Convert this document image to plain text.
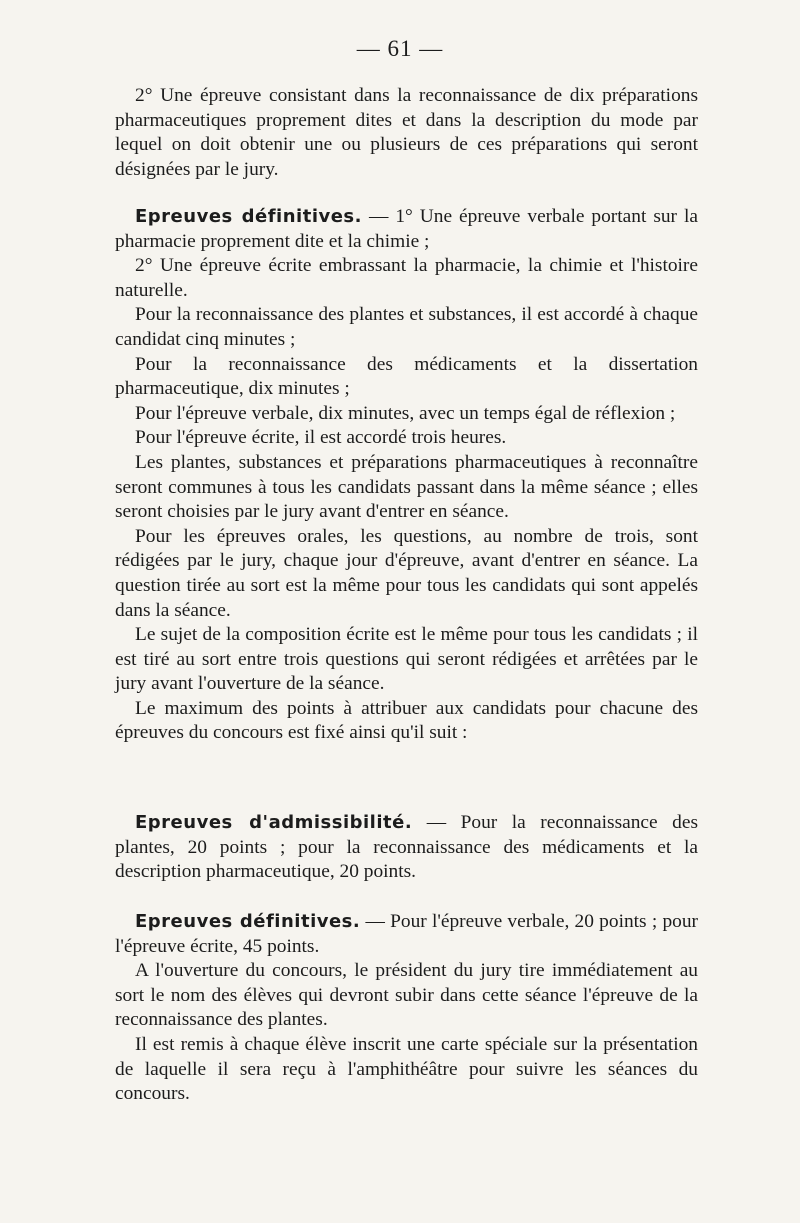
— 61 —

2° Une épreuve consistant dans la reconnaissance de dix préparations pharmaceutiques proprement dites et dans la description du mode par lequel on doit obtenir une ou plusieurs de ces préparations qui seront désignées par le jury.

Epreuves définitives. — 1° Une épreuve verbale portant sur la pharmacie proprement dite et la chimie ;

2° Une épreuve écrite embrassant la pharmacie, la chimie et l'histoire naturelle.

Pour la reconnaissance des plantes et substances, il est accordé à chaque candidat cinq minutes ;

Pour la reconnaissance des médicaments et la dissertation pharmaceutique, dix minutes ;

Pour l'épreuve verbale, dix minutes, avec un temps égal de réflexion ;

Pour l'épreuve écrite, il est accordé trois heures.

Les plantes, substances et préparations pharmaceutiques à reconnaître seront communes à tous les candidats passant dans la même séance ; elles seront choisies par le jury avant d'entrer en séance.

Pour les épreuves orales, les questions, au nombre de trois, sont rédigées par le jury, chaque jour d'épreuve, avant d'entrer en séance. La question tirée au sort est la même pour tous les candidats qui sont appelés dans la séance.

Le sujet de la composition écrite est le même pour tous les candidats ; il est tiré au sort entre trois questions qui seront rédigées et arrêtées par le jury avant l'ouverture de la séance.

Le maximum des points à attribuer aux candidats pour chacune des épreuves du concours est fixé ainsi qu'il suit :

Epreuves d'admissibilité. — Pour la reconnaissance des plantes, 20 points ; pour la reconnaissance des médicaments et la description pharmaceutique, 20 points.

Epreuves définitives. — Pour l'épreuve verbale, 20 points ; pour l'épreuve écrite, 45 points.

A l'ouverture du concours, le président du jury tire immédiatement au sort le nom des élèves qui devront subir dans cette séance l'épreuve de la reconnaissance des plantes.

Il est remis à chaque élève inscrit une carte spéciale sur la présentation de laquelle il sera reçu à l'amphithéâtre pour suivre les séances du concours.
